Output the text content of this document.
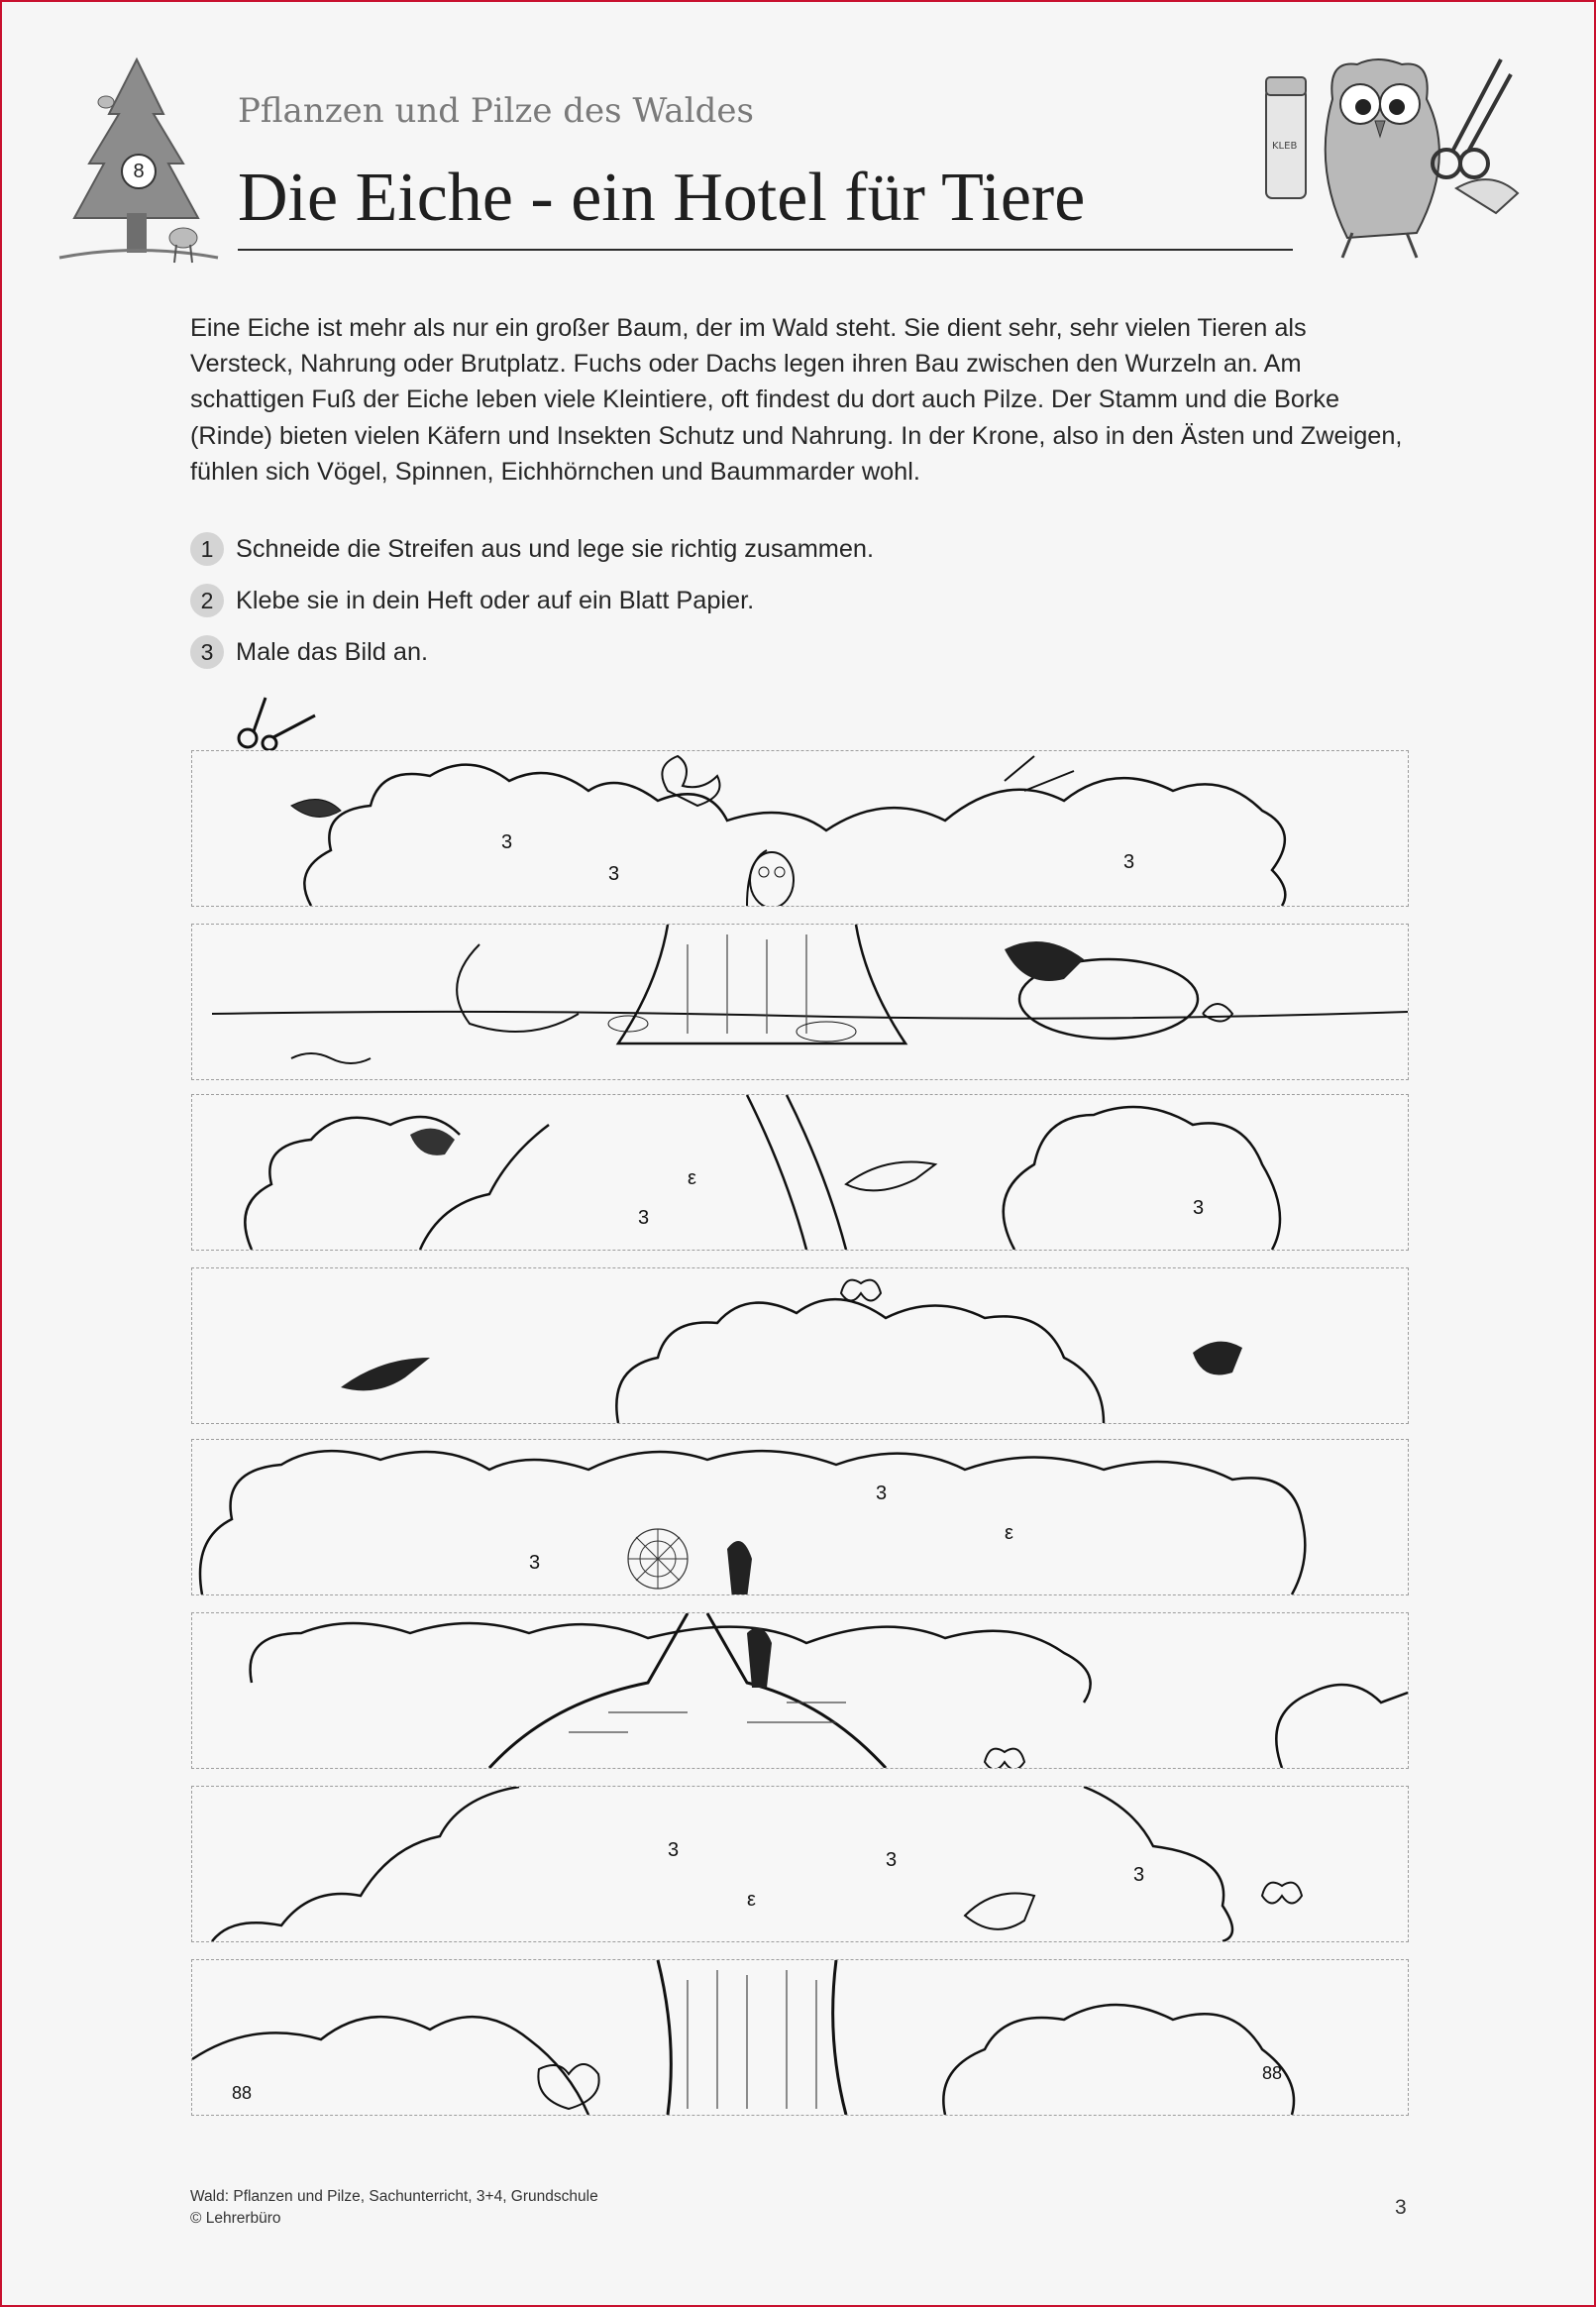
8
Pflanzen und Pilze des Waldes
Die Eiche - ein Hotel für Tiere
KLEB
Eine Eiche ist mehr als nur ein großer Baum, der im Wald steht. Sie dient sehr, sehr vielen Tieren als Versteck, Nahrung oder Brutplatz. Fuchs oder Dachs legen ihren Bau zwischen den Wurzeln an. Am schattigen Fuß der Eiche leben viele Kleintiere, oft findest du dort auch Pilze. Der Stamm und die Borke (Rinde) bieten vielen Käfern und Insekten Schutz und Nahrung. In der Krone, also in den Ästen und Zweigen, fühlen sich Vögel, Spinnen, Eichhörnchen und Baummarder wohl.
1 Schneide die Streifen aus und lege sie richtig zusammen.
2 Klebe sie in dein Heft oder auf ein Blatt Papier.
3 Male das Bild an.
3
3
3
ε
3	3
3
ε
3
3	3
ε
3
88
88
Wald: Pflanzen und Pilze, Sachunterricht, 3+4, Grundschule
© Lehrerbüro	3
